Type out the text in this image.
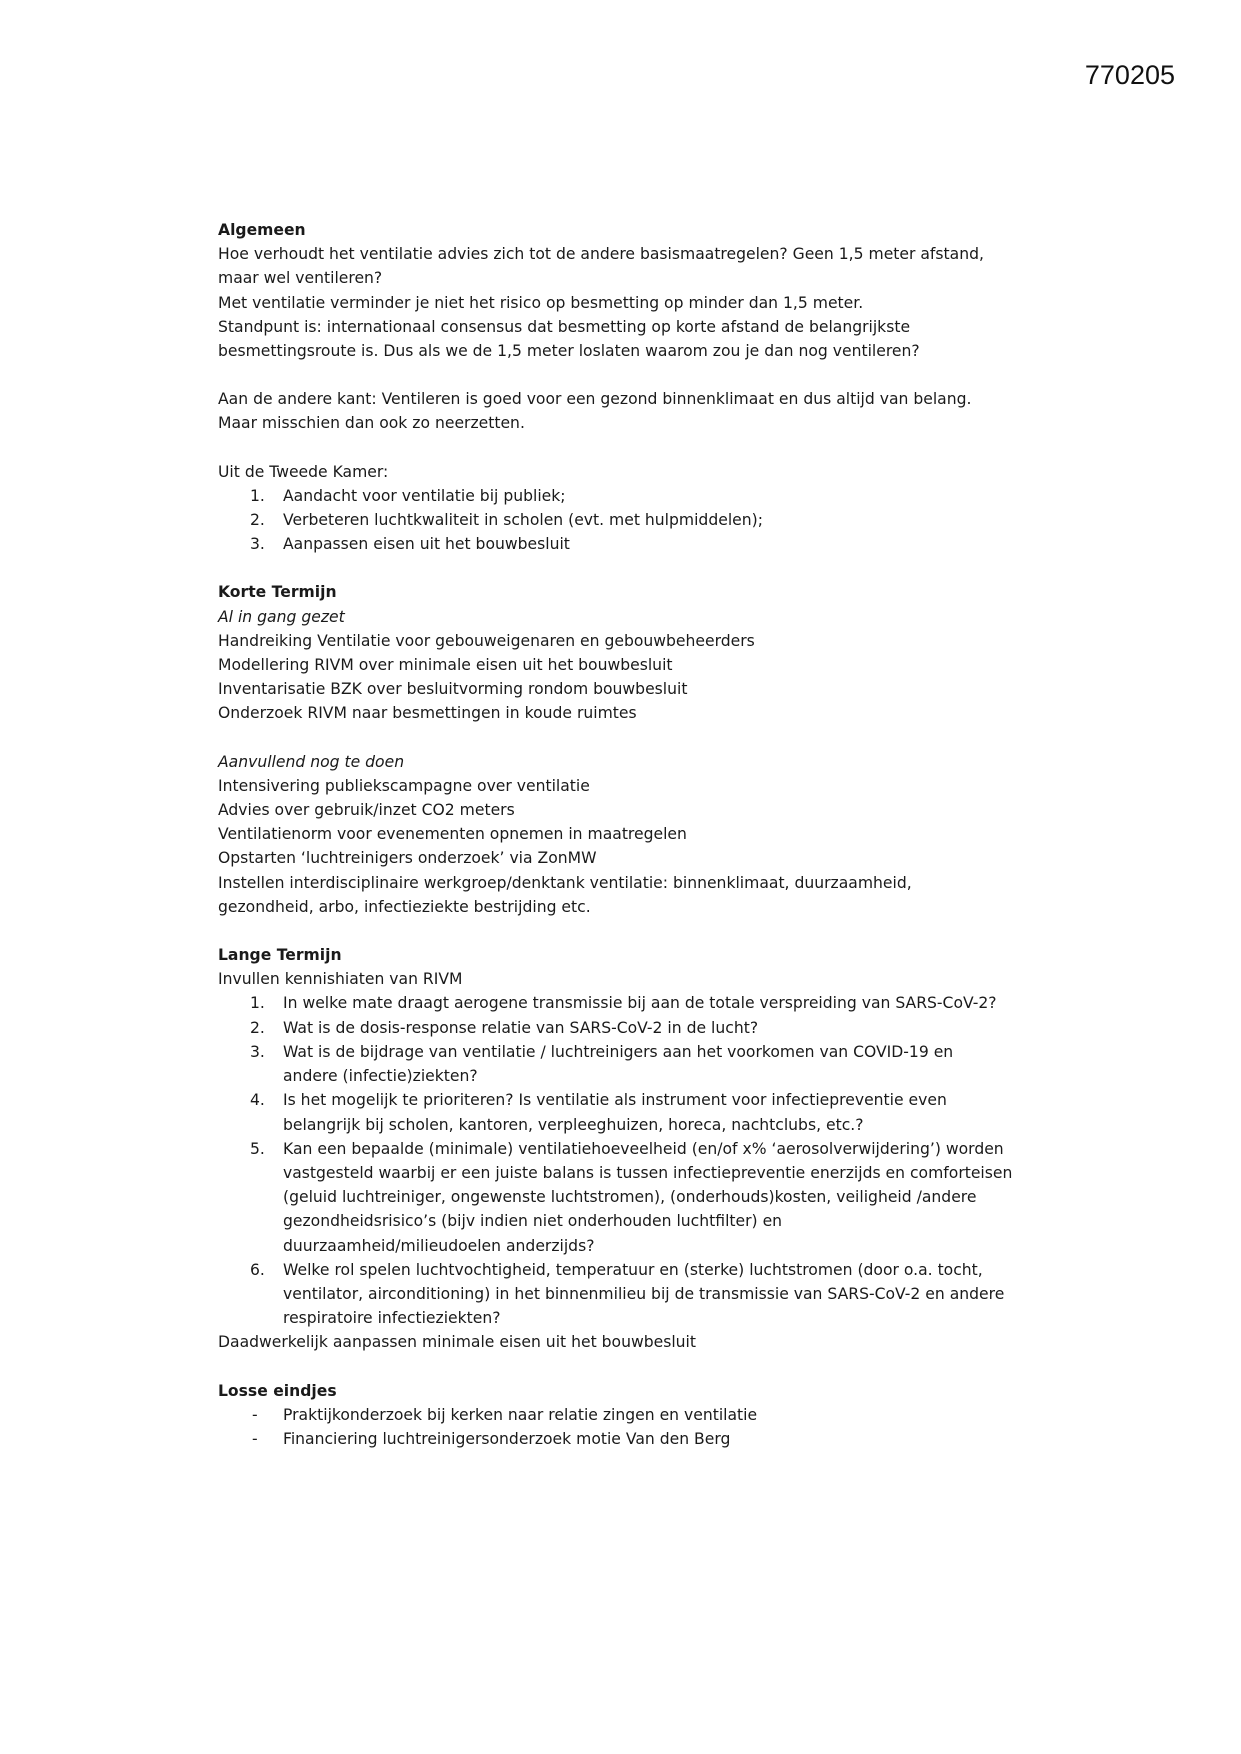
770205

Algemeen

Hoe verhoudt het ventilatie advies zich tot de andere basismaatregelen? Geen 1,5 meter afstand,

maar wel ventileren?

Met ventilatie verminder je niet het risico op besmetting op minder dan 1,5 meter.

Standpunt is: internationaal consensus dat besmetting op korte afstand de belangrijkste

besmettingsroute is. Dus als we de 1,5 meter loslaten waarom zou je dan nog ventileren?

Aan de andere kant: Ventileren is goed voor een gezond binnenklimaat en dus altijd van belang.

Maar misschien dan ook zo neerzetten.

Uit de Tweede Kamer:

1. Aandacht voor ventilatie bij publiek;
2. Verbeteren luchtkwaliteit in scholen (evt. met hulpmiddelen);
3. Aanpassen eisen uit het bouwbesluit

Korte Termijn

Al in gang gezet

Handreiking Ventilatie voor gebouweigenaren en gebouwbeheerders

Modellering RIVM over minimale eisen uit het bouwbesluit

Inventarisatie BZK over besluitvorming rondom bouwbesluit

Onderzoek RIVM naar besmettingen in koude ruimtes

Aanvullend nog te doen

Intensivering publiekscampagne over ventilatie

Advies over gebruik/inzet CO2 meters

Ventilatienorm voor evenementen opnemen in maatregelen

Opstarten ‘luchtreinigers onderzoek’ via ZonMW

Instellen interdisciplinaire werkgroep/denktank ventilatie: binnenklimaat, duurzaamheid,

gezondheid, arbo, infectieziekte bestrijding etc.

Lange Termijn

Invullen kennishiaten van RIVM

1. In welke mate draagt aerogene transmissie bij aan de totale verspreiding van SARS-CoV-2?
2. Wat is de dosis-response relatie van SARS-CoV-2 in de lucht?
3. Wat is de bijdrage van ventilatie / luchtreinigers aan het voorkomen van COVID-19 en
andere (infectie)ziekten?
4. Is het mogelijk te prioriteren? Is ventilatie als instrument voor infectiepreventie even
belangrijk bij scholen, kantoren, verpleeghuizen, horeca, nachtclubs, etc.?
5. Kan een bepaalde (minimale) ventilatiehoeveelheid (en/of x% ‘aerosolverwijdering’) worden
vastgesteld waarbij er een juiste balans is tussen infectiepreventie enerzijds en comforteisen
(geluid luchtreiniger, ongewenste luchtstromen), (onderhouds)kosten, veiligheid /andere
gezondheidsrisico’s (bijv indien niet onderhouden luchtfilter) en
duurzaamheid/milieudoelen anderzijds?
6. Welke rol spelen luchtvochtigheid, temperatuur en (sterke) luchtstromen (door o.a. tocht,
ventilator, airconditioning) in het binnenmilieu bij de transmissie van SARS-CoV-2 en andere
respiratoire infectieziekten?

Daadwerkelijk aanpassen minimale eisen uit het bouwbesluit

Losse eindjes

- Praktijkonderzoek bij kerken naar relatie zingen en ventilatie
- Financiering luchtreinigersonderzoek motie Van den Berg
